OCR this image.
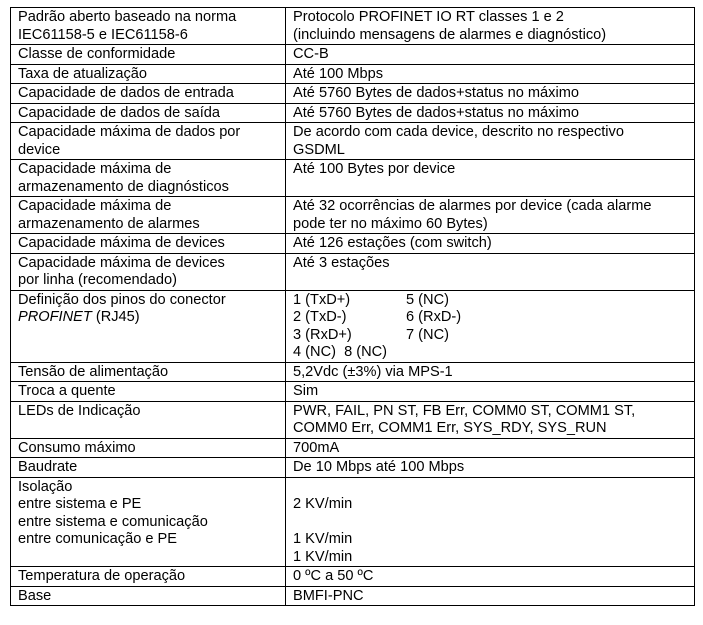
Padrão aberto baseado na norma
IEC61158-5 e IEC61158-6	Protocolo PROFINET IO RT classes 1 e 2
(incluindo mensagens de alarmes e diagnóstico)

Classe de conformidade	CC-B

Taxa de atualização	Até 100 Mbps

Capacidade de dados de entrada	Até 5760 Bytes de dados+status no máximo

Capacidade de dados de saída	Até 5760 Bytes de dados+status no máximo

Capacidade máxima de dados por
device	De acordo com cada device, descrito no respectivo
GSDML

Capacidade máxima de
armazenamento de diagnósticos	Até 100 Bytes por device

Capacidade máxima de
armazenamento de alarmes	Até 32 ocorrências de alarmes por device (cada alarme
pode ter no máximo 60 Bytes)

Capacidade máxima de devices	Até 126 estações (com switch)

Capacidade máxima de devices
por linha (recomendado)	Até 3 estações

Definição dos pinos do conector
PROFINET (RJ45)	1 (TxD+) 5 (NC)
2 (TxD-) 6 (RxD-)
3 (RxD+) 7 (NC)
4 (NC)  8 (NC)

Tensão de alimentação	5,2Vdc (±3%) via MPS-1

Troca a quente	Sim

LEDs de Indicação	PWR, FAIL, PN ST, FB Err, COMM0 ST, COMM1 ST,
COMM0 Err, COMM1 Err, SYS_RDY, SYS_RUN

Consumo máximo	700mA

Baudrate	De 10 Mbps até 100 Mbps

Isolação
entre sistema e PE
entre sistema e comunicação
entre comunicação e PE	2 KV/min
1 KV/min
1 KV/min

Temperatura de operação	0 ºC a 50 ºC

Base	BMFI-PNC
